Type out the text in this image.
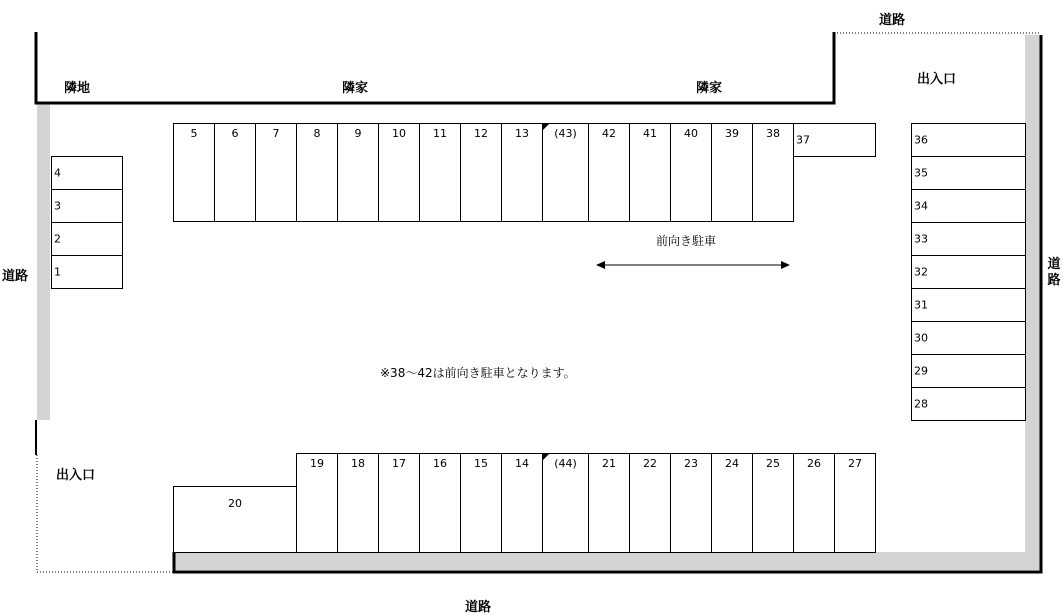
道路
道路
道路
道路
隣地	隣家	隣家
出入口
出入口
前向き駐車
※38～42は前向き駐車となります。
4
3
2
1
5	6	7	8	9	10	11	12	13	(43)	42	41	40	39	38	37	36
35
34
33
32
31
30
29
28
20
19	18	17	16	15	14	(44)	21	22	23	24	25	26	27
